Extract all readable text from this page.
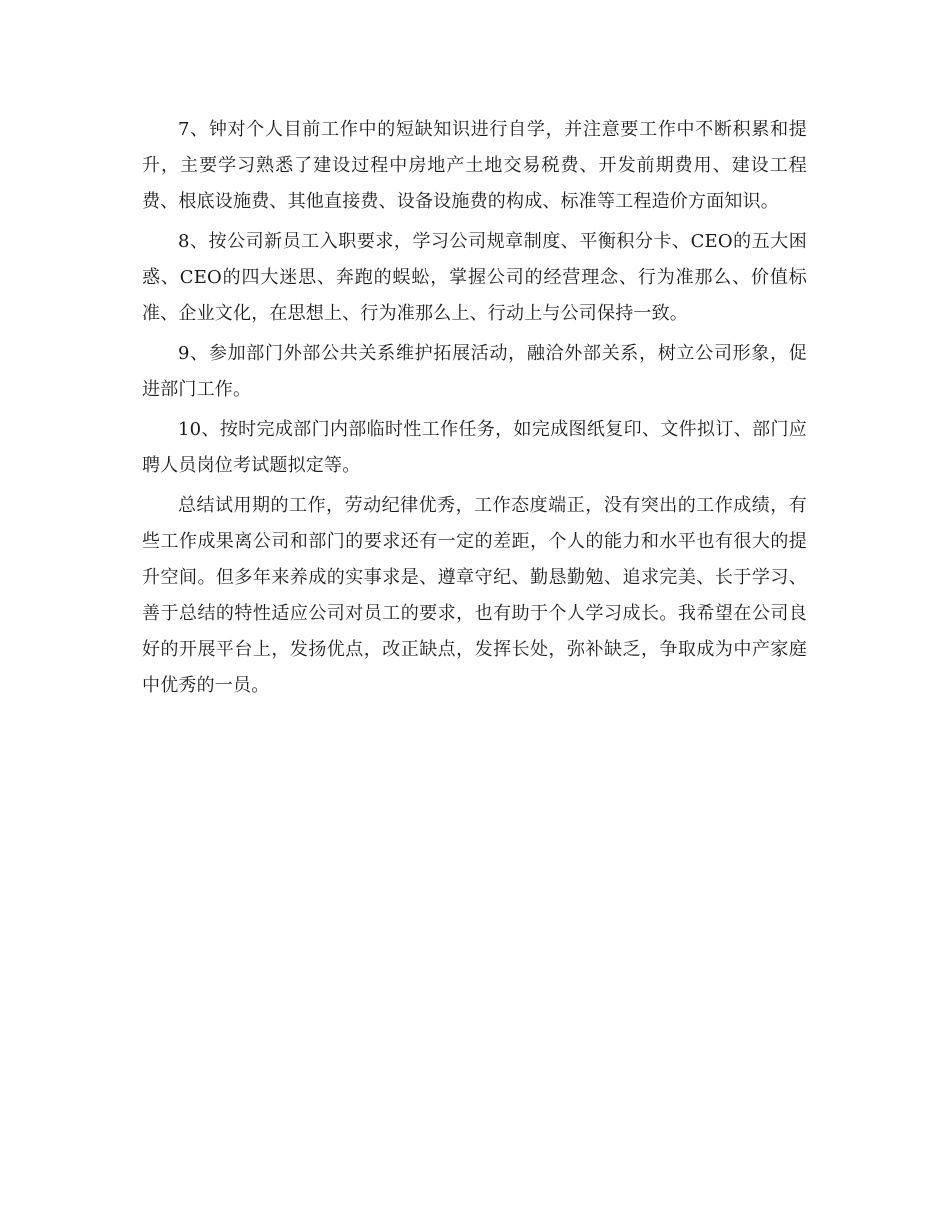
7、钟对个人目前工作中的短缺知识进行自学，并注意要工作中不断积累和提升，主要学习熟悉了建设过程中房地产土地交易税费、开发前期费用、建设工程费、根底设施费、其他直接费、设备设施费的构成、标准等工程造价方面知识。

8、按公司新员工入职要求，学习公司规章制度、平衡积分卡、CEO的五大困惑、CEO的四大迷思、奔跑的蜈蚣，掌握公司的经营理念、行为准那么、价值标准、企业文化，在思想上、行为准那么上、行动上与公司保持一致。

9、参加部门外部公共关系维护拓展活动，融洽外部关系，树立公司形象，促进部门工作。

10、按时完成部门内部临时性工作任务，如完成图纸复印、文件拟订、部门应聘人员岗位考试题拟定等。

总结试用期的工作，劳动纪律优秀，工作态度端正，没有突出的工作成绩，有些工作成果离公司和部门的要求还有一定的差距，个人的能力和水平也有很大的提升空间。但多年来养成的实事求是、遵章守纪、勤恳勤勉、追求完美、长于学习、善于总结的特性适应公司对员工的要求，也有助于个人学习成长。我希望在公司良好的开展平台上，发扬优点，改正缺点，发挥长处，弥补缺乏，争取成为中产家庭中优秀的一员。
